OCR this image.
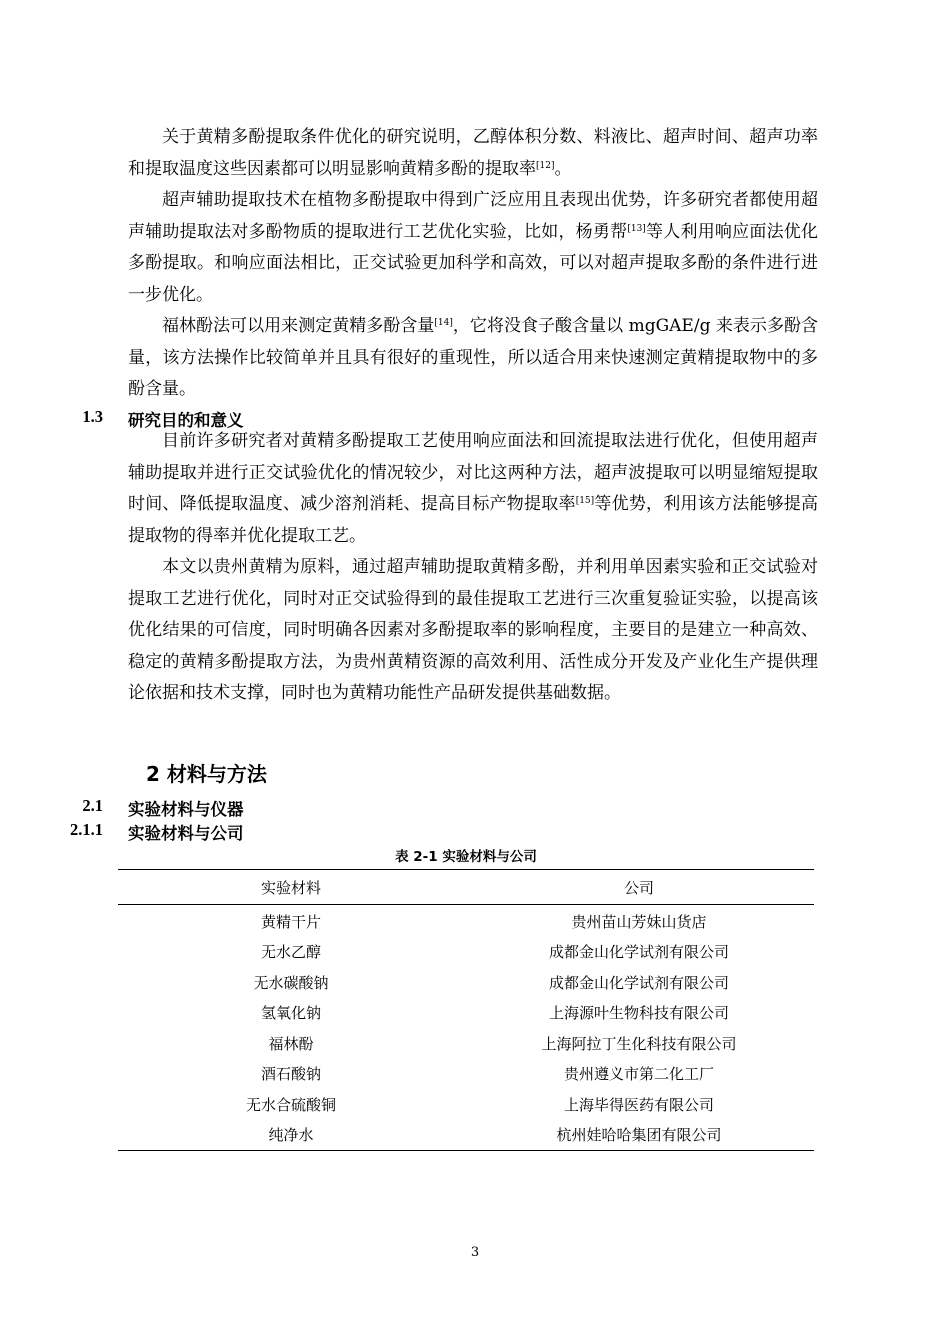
关于黄精多酚提取条件优化的研究说明，乙醇体积分数、料液比、超声时间、超声功率和提取温度这些因素都可以明显影响黄精多酚的提取率[12]。

超声辅助提取技术在植物多酚提取中得到广泛应用且表现出优势，许多研究者都使用超声辅助提取法对多酚物质的提取进行工艺优化实验，比如，杨勇帮[13]等人利用响应面法优化多酚提取。和响应面法相比，正交试验更加科学和高效，可以对超声提取多酚的条件进行进一步优化。

福林酚法可以用来测定黄精多酚含量[14]，它将没食子酸含量以 mgGAE/g 来表示多酚含量，该方法操作比较简单并且具有很好的重现性，所以适合用来快速测定黄精提取物中的多酚含量。

1.3 研究目的和意义

目前许多研究者对黄精多酚提取工艺使用响应面法和回流提取法进行优化，但使用超声辅助提取并进行正交试验优化的情况较少，对比这两种方法，超声波提取可以明显缩短提取时间、降低提取温度、减少溶剂消耗、提高目标产物提取率[15]等优势，利用该方法能够提高提取物的得率并优化提取工艺。

本文以贵州黄精为原料，通过超声辅助提取黄精多酚，并利用单因素实验和正交试验对提取工艺进行优化，同时对正交试验得到的最佳提取工艺进行三次重复验证实验，以提高该优化结果的可信度，同时明确各因素对多酚提取率的影响程度，主要目的是建立一种高效、稳定的黄精多酚提取方法，为贵州黄精资源的高效利用、活性成分开发及产业化生产提供理论依据和技术支撑，同时也为黄精功能性产品研发提供基础数据。

2 材料与方法
2.1 实验材料与仪器
2.1.1 实验材料与公司
表 2-1 实验材料与公司
实验材料	公司
黄精干片	贵州苗山芳妹山货店
无水乙醇	成都金山化学试剂有限公司
无水碳酸钠	成都金山化学试剂有限公司
氢氧化钠	上海源叶生物科技有限公司
福林酚	上海阿拉丁生化科技有限公司
酒石酸钠	贵州遵义市第二化工厂
无水合硫酸铜	上海毕得医药有限公司
纯净水	杭州娃哈哈集团有限公司
3
